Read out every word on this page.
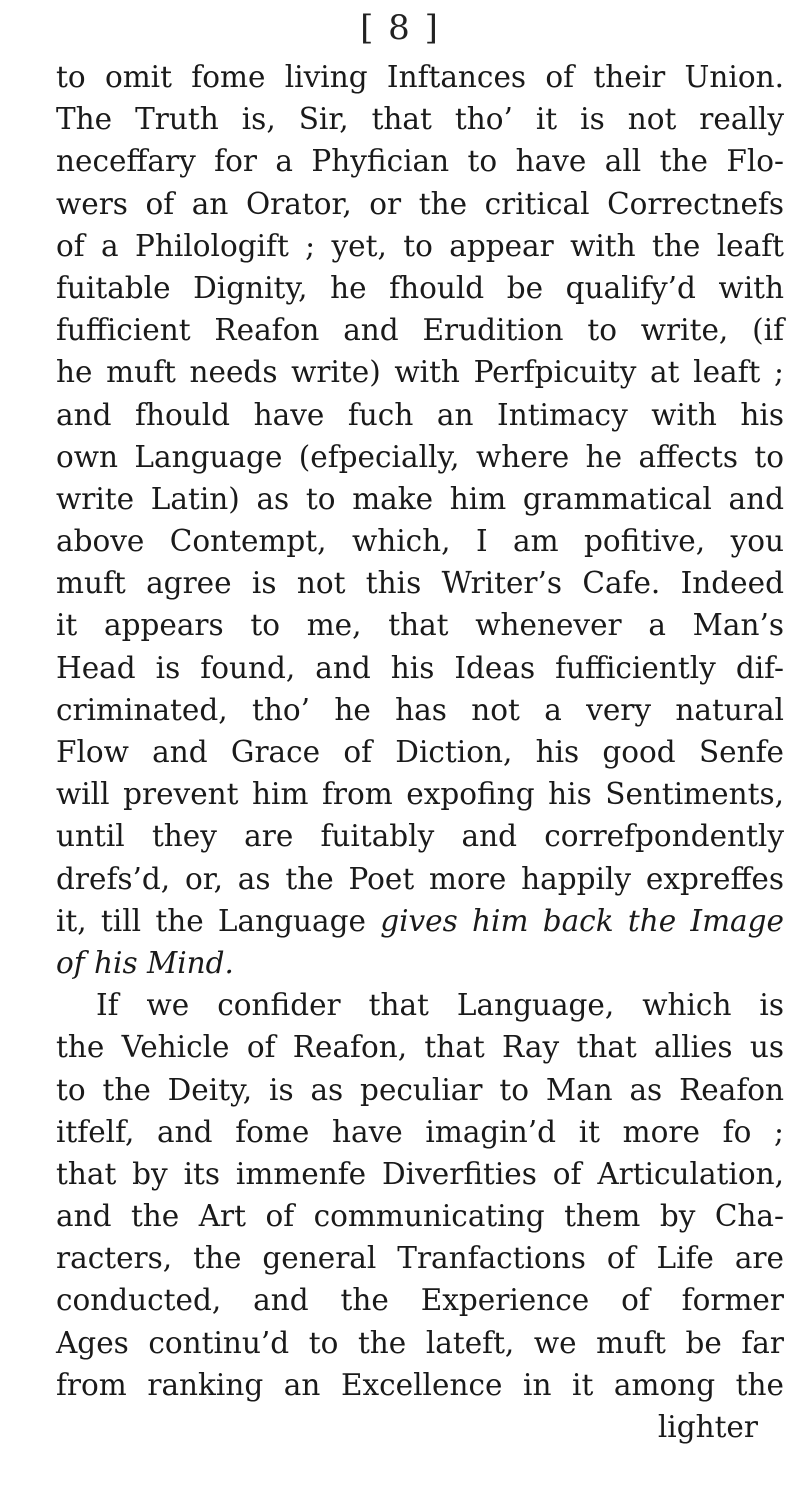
[ 8 ]
to omit fome living Inftances of their Union.
The Truth is, Sir, that tho’ it is not really
neceffary for a Phyfician to have all the Flo-
wers of an Orator, or the critical Correctnefs
of a Philologift ; yet, to appear with the leaft
fuitable Dignity, he fhould be qualify’d with
fufficient Reafon and Erudition to write, (if
he muft needs write) with Perfpicuity at leaft ;
and fhould have fuch an Intimacy with his
own Language (efpecially, where he affects to
write Latin) as to make him grammatical and
above Contempt, which, I am pofitive, you
muft agree is not this Writer’s Cafe. Indeed
it appears to me, that whenever a Man’s
Head is found, and his Ideas fufficiently dif-
criminated, tho’ he has not a very natural
Flow and Grace of Diction, his good Senfe
will prevent him from expofing his Sentiments,
until they are fuitably and correfpondently
drefs’d, or, as the Poet more happily expreffes
it, till the Language gives him back the Image
of his Mind.
If we confider that Language, which is
the Vehicle of Reafon, that Ray that allies us
to the Deity, is as peculiar to Man as Reafon
itfelf, and fome have imagin’d it more fo ;
that by its immenfe Diverfities of Articulation,
and the Art of communicating them by Cha-
racters, the general Tranfactions of Life are
conducted, and the Experience of former
Ages continu’d to the lateft, we muft be far
from ranking an Excellence in it among the
lighter
